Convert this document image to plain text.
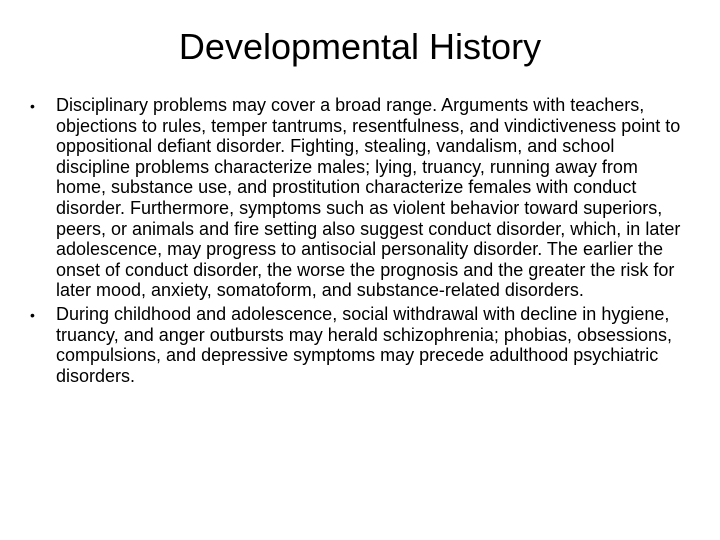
Developmental History
•	Disciplinary problems may cover a broad range. Arguments with teachers, objections to rules, temper tantrums, resentfulness, and vindictiveness point to oppositional defiant disorder. Fighting, stealing, vandalism, and school discipline problems characterize males; lying, truancy, running away from home, substance use, and prostitution characterize females with conduct disorder. Furthermore, symptoms such as violent behavior toward superiors, peers, or animals and fire setting also suggest conduct disorder, which, in later adolescence, may progress to antisocial personality disorder. The earlier the onset of conduct disorder, the worse the prognosis and the greater the risk for later mood, anxiety, somatoform, and substance-related disorders.
•	During childhood and adolescence, social withdrawal with decline in hygiene, truancy, and anger outbursts may herald schizophrenia; phobias, obsessions, compulsions, and depressive symptoms may precede adulthood psychiatric disorders.
